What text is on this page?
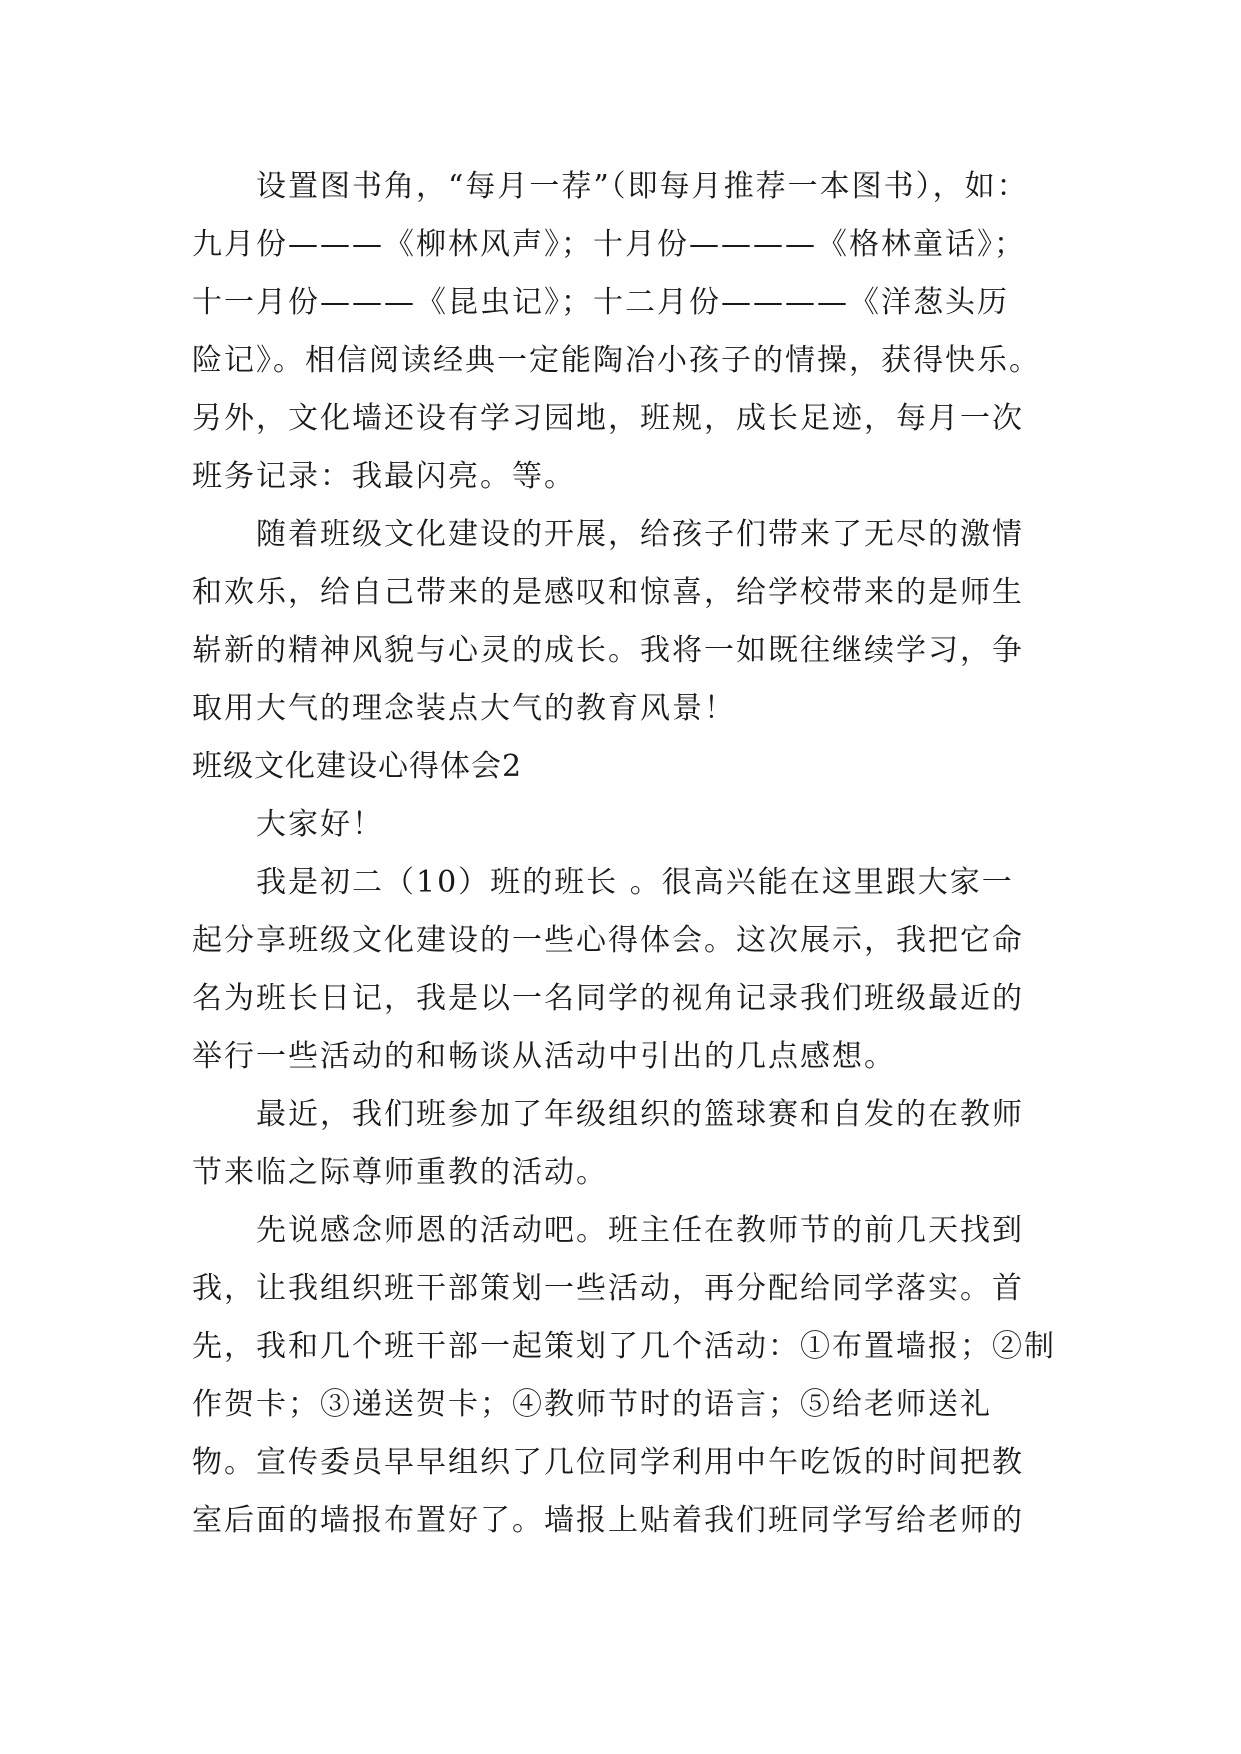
设置图书角，“每月一荐”（即每月推荐一本图书），如：
九月份———《柳林风声》；十月份————《格林童话》；
十一月份———《昆虫记》；十二月份————《洋葱头历
险记》。相信阅读经典一定能陶冶小孩子的情操，获得快乐。
另外，文化墙还设有学习园地，班规，成长足迹，每月一次
班务记录：我最闪亮。等。
随着班级文化建设的开展，给孩子们带来了无尽的激情
和欢乐，给自己带来的是感叹和惊喜，给学校带来的是师生
崭新的精神风貌与心灵的成长。我将一如既往继续学习，争
取用大气的理念装点大气的教育风景！
班级文化建设心得体会2
大家好！
我是初二（10）班的班长 。很高兴能在这里跟大家一
起分享班级文化建设的一些心得体会。这次展示，我把它命
名为班长日记，我是以一名同学的视角记录我们班级最近的
举行一些活动的和畅谈从活动中引出的几点感想。
最近，我们班参加了年级组织的篮球赛和自发的在教师
节来临之际尊师重教的活动。
先说感念师恩的活动吧。班主任在教师节的前几天找到
我，让我组织班干部策划一些活动，再分配给同学落实。首
先，我和几个班干部一起策划了几个活动：①布置墙报；②制
作贺卡；③递送贺卡；④教师节时的语言；⑤给老师送礼
物。宣传委员早早组织了几位同学利用中午吃饭的时间把教
室后面的墙报布置好了。墙报上贴着我们班同学写给老师的
